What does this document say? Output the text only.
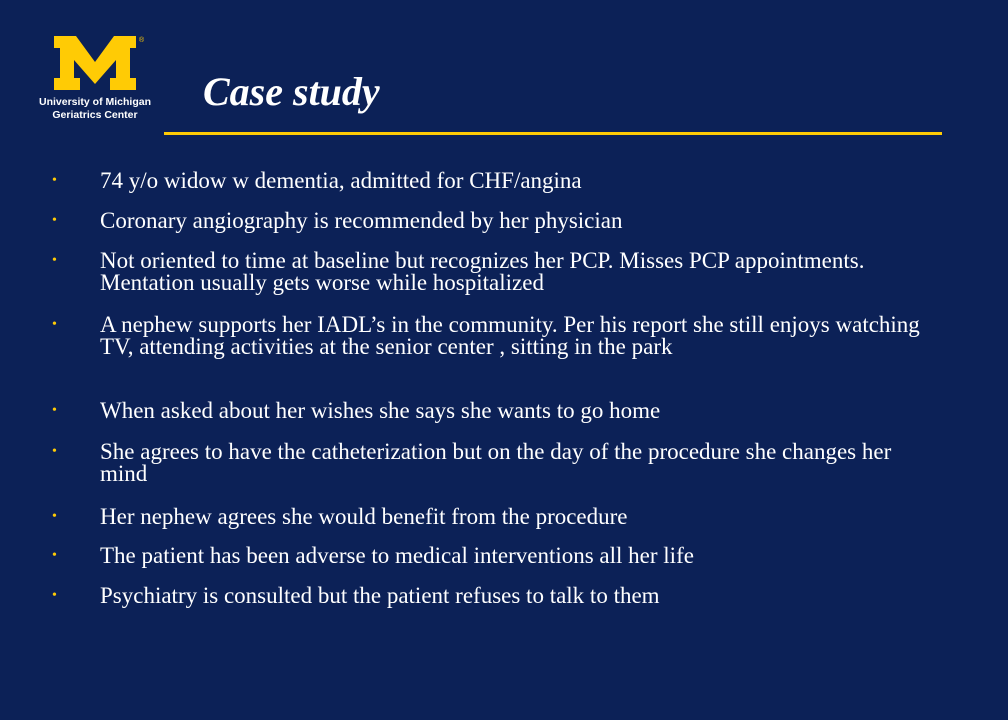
®
University of Michigan
Geriatrics Center
Case study
• 74 y/o widow w dementia, admitted for CHF/angina
• Coronary angiography is recommended by her physician
• Not oriented to time at baseline but recognizes her PCP. Misses PCP appointments. Mentation usually gets worse while hospitalized
• A nephew supports her IADL’s in the community. Per his report she still enjoys watching TV, attending activities at the senior center , sitting in the park
• When asked about her wishes she says she wants to go home
• She agrees to have the catheterization but on the day of the procedure she changes her mind
• Her nephew agrees she would benefit from the procedure
• The patient has been adverse to medical interventions all her life
• Psychiatry is consulted but the patient refuses to talk to them
